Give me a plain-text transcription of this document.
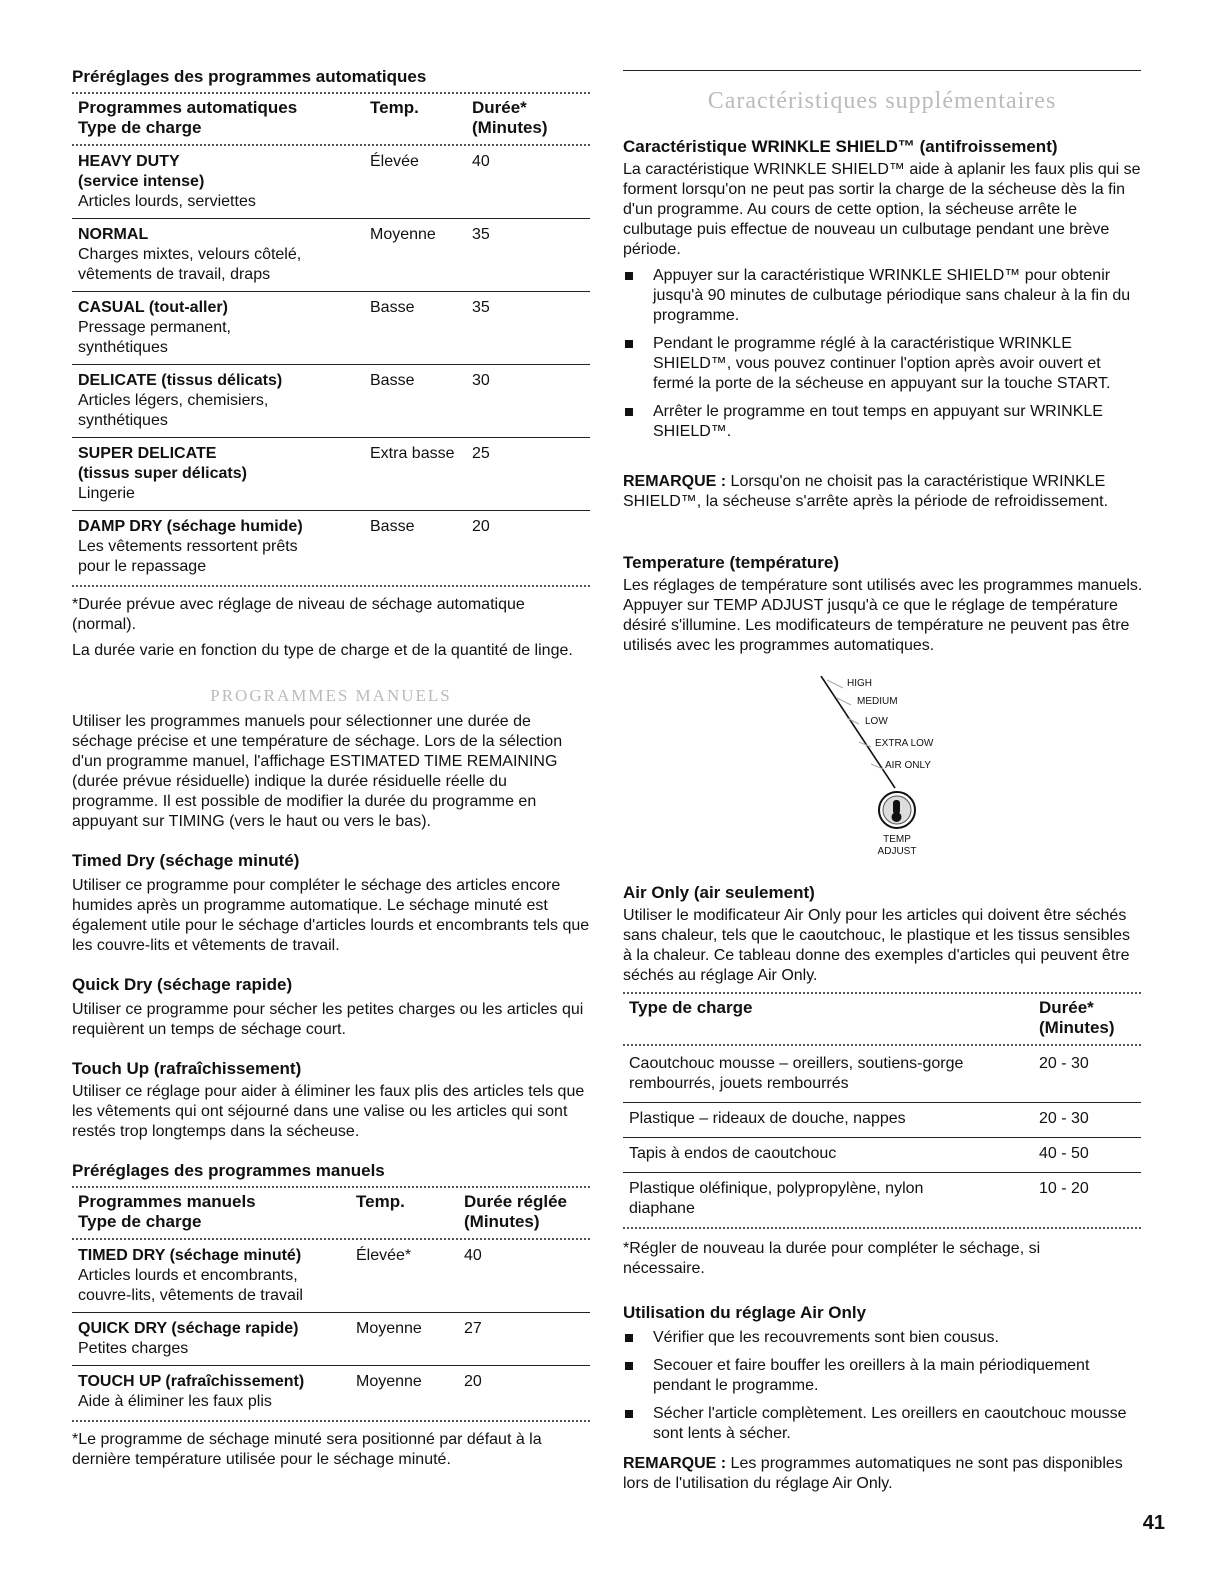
Préréglages des programmes automatiques
Programmes automatiques
Type de charge
Temp.	Durée*
(Minutes)
HEAVY DUTY
(service intense)
Articles lourds, serviettes
Élevée	40
NORMAL
Charges mixtes, velours côtelé,
vêtements de travail, draps
Moyenne	35
CASUAL (tout-aller)
Pressage permanent,
synthétiques
Basse	35
DELICATE (tissus délicats)
Articles légers, chemisiers,
synthétiques
Basse	30
SUPER DELICATE
(tissus super délicats)
Lingerie
Extra basse	25
DAMP DRY (séchage humide)
Les vêtements ressortent prêts
pour le repassage
Basse	20
*Durée prévue avec réglage de niveau de séchage automatique (normal).
La durée varie en fonction du type de charge et de la quantité de linge.
PROGRAMMES MANUELS
Utiliser les programmes manuels pour sélectionner une durée de séchage précise et une température de séchage. Lors de la sélection d'un programme manuel, l'affichage ESTIMATED TIME REMAINING (durée prévue résiduelle) indique la durée résiduelle réelle du programme. Il est possible de modifier la durée du programme en appuyant sur TIMING (vers le haut ou vers le bas).
Timed Dry (séchage minuté)
Utiliser ce programme pour compléter le séchage des articles encore humides après un programme automatique. Le séchage minuté est également utile pour le séchage d'articles lourds et encombrants tels que les couvre-lits et vêtements de travail.
Quick Dry (séchage rapide)
Utiliser ce programme pour sécher les petites charges ou les articles qui requièrent un temps de séchage court.
Touch Up (rafraîchissement)
Utiliser ce réglage pour aider à éliminer les faux plis des articles tels que les vêtements qui ont séjourné dans une valise ou les articles qui sont restés trop longtemps dans la sécheuse.
Préréglages des programmes manuels
Programmes manuels
Type de charge
Temp.	Durée réglée
(Minutes)
TIMED DRY (séchage minuté)
Articles lourds et encombrants,
couvre-lits, vêtements de travail
Élevée*	40
QUICK DRY (séchage rapide)
Petites charges
Moyenne	27
TOUCH UP (rafraîchissement)
Aide à éliminer les faux plis
Moyenne	20
*Le programme de séchage minuté sera positionné par défaut à la dernière température utilisée pour le séchage minuté.
Caractéristiques supplémentaires
Caractéristique WRINKLE SHIELD™ (antifroissement)
La caractéristique WRINKLE SHIELD™ aide à aplanir les faux plis qui se forment lorsqu'on ne peut pas sortir la charge de la sécheuse dès la fin d'un programme. Au cours de cette option, la sécheuse arrête le culbutage puis effectue de nouveau un culbutage pendant une brève période.
Appuyer sur la caractéristique WRINKLE SHIELD™ pour obtenir jusqu'à 90 minutes de culbutage périodique sans chaleur à la fin du programme.
Pendant le programme réglé à la caractéristique WRINKLE SHIELD™, vous pouvez continuer l'option après avoir ouvert et fermé la porte de la sécheuse en appuyant sur la touche START.
Arrêter le programme en tout temps en appuyant sur WRINKLE SHIELD™.
REMARQUE : Lorsqu'on ne choisit pas la caractéristique WRINKLE SHIELD™, la sécheuse s'arrête après la période de refroidissement.
Temperature (température)
Les réglages de température sont utilisés avec les programmes manuels. Appuyer sur TEMP ADJUST jusqu'à ce que le réglage de température désiré s'illumine. Les modificateurs de température ne peuvent pas être utilisés avec les programmes automatiques.
HIGH
MEDIUM
LOW
EXTRA LOW
AIR ONLY
TEMP
ADJUST
Air Only (air seulement)
Utiliser le modificateur Air Only pour les articles qui doivent être séchés sans chaleur, tels que le caoutchouc, le plastique et les tissus sensibles à la chaleur. Ce tableau donne des exemples d'articles qui peuvent être séchés au réglage Air Only.
Type de charge	Durée*
(Minutes)
Caoutchouc mousse – oreillers, soutiens-gorge
rembourrés, jouets rembourrés
20 - 30
Plastique – rideaux de douche, nappes	20 - 30
Tapis à endos de caoutchouc	40 - 50
Plastique oléfinique, polypropylène, nylon
diaphane
10 - 20
*Régler de nouveau la durée pour compléter le séchage, si nécessaire.
Utilisation du réglage Air Only
Vérifier que les recouvrements sont bien cousus.
Secouer et faire bouffer les oreillers à la main périodiquement pendant le programme.
Sécher l'article complètement. Les oreillers en caoutchouc mousse sont lents à sécher.
REMARQUE : Les programmes automatiques ne sont pas disponibles lors de l'utilisation du réglage Air Only.
41
